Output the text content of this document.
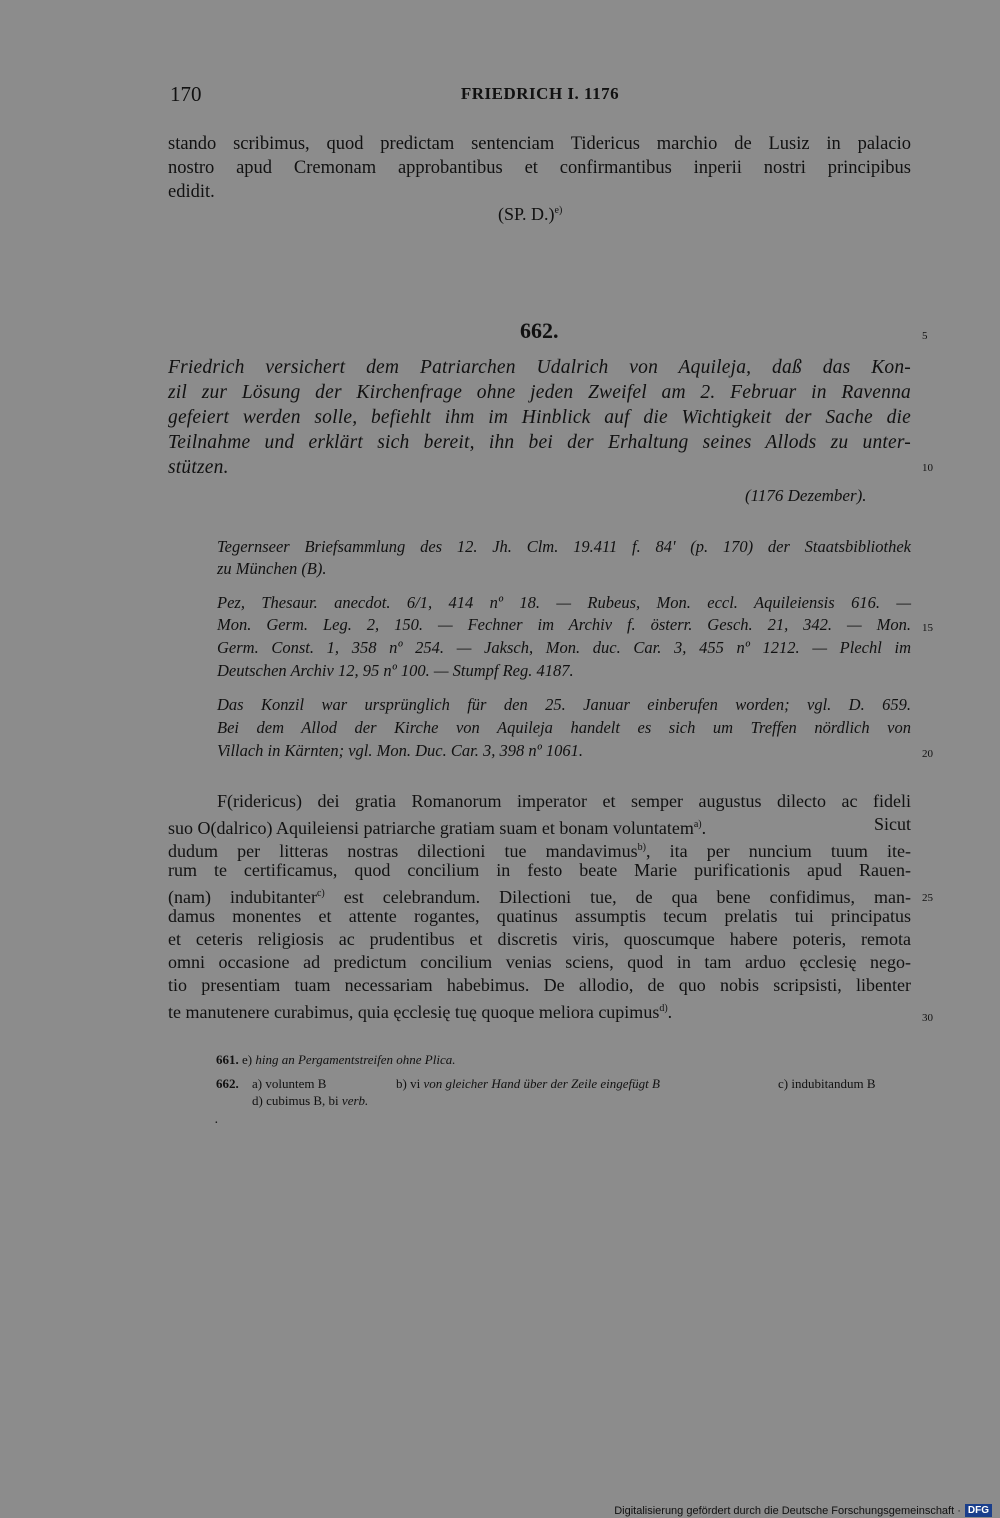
170	FRIEDRICH I. 1176
stando scribimus, quod predictam sentenciam Tidericus marchio de Lusiz in palacio
nostro apud Cremonam approbantibus et confirmantibus inperii nostri principibus
edidit.
(SP. D.)$^{e)}$
662.
Friedrich versichert dem Patriarchen Udalrich von Aquileja, daß das Kon-
zil zur Lösung der Kirchenfrage ohne jeden Zweifel am 2. Februar in Ravenna
gefeiert werden solle, befiehlt ihm im Hinblick auf die Wichtigkeit der Sache die
Teilnahme und erklärt sich bereit, ihn bei der Erhaltung seines Allods zu unter-
stützen.
(1176 Dezember).
Tegernseer Briefsammlung des 12. Jh. Clm. 19.411 f. 84' (p. 170) der Staatsbibliothek
zu München (B).
Pez, Thesaur. anecdot. 6/1, 414 nº 18. — Rubeus, Mon. eccl. Aquileiensis 616. —
Mon. Germ. Leg. 2, 150. — Fechner im Archiv f. österr. Gesch. 21, 342. — Mon.
Germ. Const. 1, 358 nº 254. — Jaksch, Mon. duc. Car. 3, 455 nº 1212. — Plechl im
Deutschen Archiv 12, 95 nº 100. — Stumpf Reg. 4187.
Das Konzil war ursprünglich für den 25. Januar einberufen worden; vgl. D. 659.
Bei dem Allod der Kirche von Aquileja handelt es sich um Treffen nördlich von
Villach in Kärnten; vgl. Mon. Duc. Car. 3, 398 nº 1061.
F(ridericus) dei gratia Romanorum imperator et semper augustus dilecto ac fideli
suo O(dalrico) Aquileiensi patriarche gratiam suam et bonam voluntatem$^{a)}$.	Sicut
dudum per litteras nostras dilectioni tue mandavimus$^{b)}$, ita per nuncium tuum ite-
rum te certificamus, quod concilium in festo beate Marie purificationis apud Rauen-
(nam) indubitanter$^{c)}$ est celebrandum. Dilectioni tue, de qua bene confidimus, man-
damus monentes et attente rogantes, quatinus assumptis tecum prelatis tui principatus
et ceteris religiosis ac prudentibus et discretis viris, quoscumque habere poteris, remota
omni occasione ad predictum concilium venias sciens, quod in tam arduo ęcclesię nego-
tio presentiam tuam necessariam habebimus. De allodio, de quo nobis scripsisti, libenter
te manutenere curabimus, quia ęcclesię tuę quoque meliora cupimus$^{d)}$.
5
10
15
20
25
30
661. e) hing an Pergamentstreifen ohne Plica.
662. a) voluntem B	b) vi von gleicher Hand über der Zeile eingefügt B	c) indubitandum B
d) cubimus B, bi verb.
·
Digitalisierung gefördert durch die Deutsche Forschungsgemeinschaft · DFG
